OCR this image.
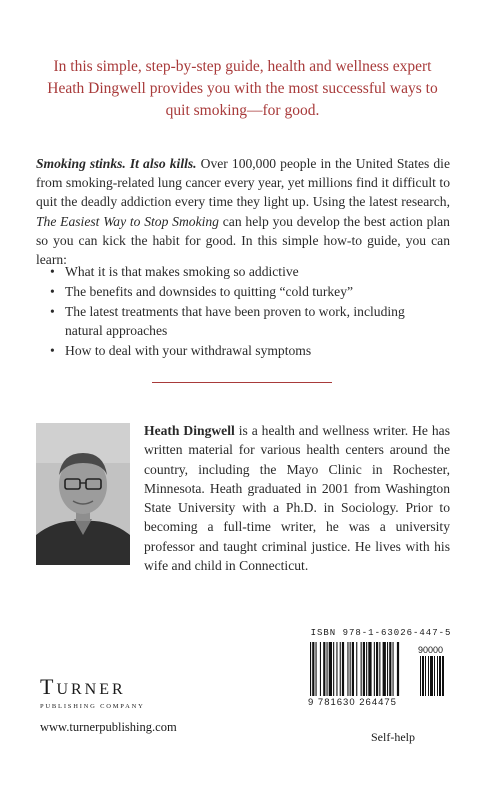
In this simple, step-by-step guide, health and wellness expert Heath Dingwell provides you with the most successful ways to quit smoking—for good.

Smoking stinks. It also kills. Over 100,000 people in the United States die from smoking-related lung cancer every year, yet millions find it difficult to quit the deadly addiction every time they light up. Using the latest research, The Easiest Way to Stop Smoking can help you develop the best action plan so you can kick the habit for good. In this simple how-to guide, you can learn:

• What it is that makes smoking so addictive
• The benefits and downsides to quitting “cold turkey”
• The latest treatments that have been proven to work, including natural approaches
• How to deal with your withdrawal symptoms

Heath Dingwell is a health and wellness writer. He has written material for various health centers around the country, including the Mayo Clinic in Rochester, Minnesota. Heath graduated in 2001 from Washington State University with a Ph.D. in Sociology. Prior to becoming a full-time writer, he was a university professor and taught criminal justice. He lives with his wife and child in Connecticut.

ISBN 978-1-63026-447-5
90000
9 781630 264475
TURNER
PUBLISHING COMPANY
www.turnerpublishing.com
Self-help
